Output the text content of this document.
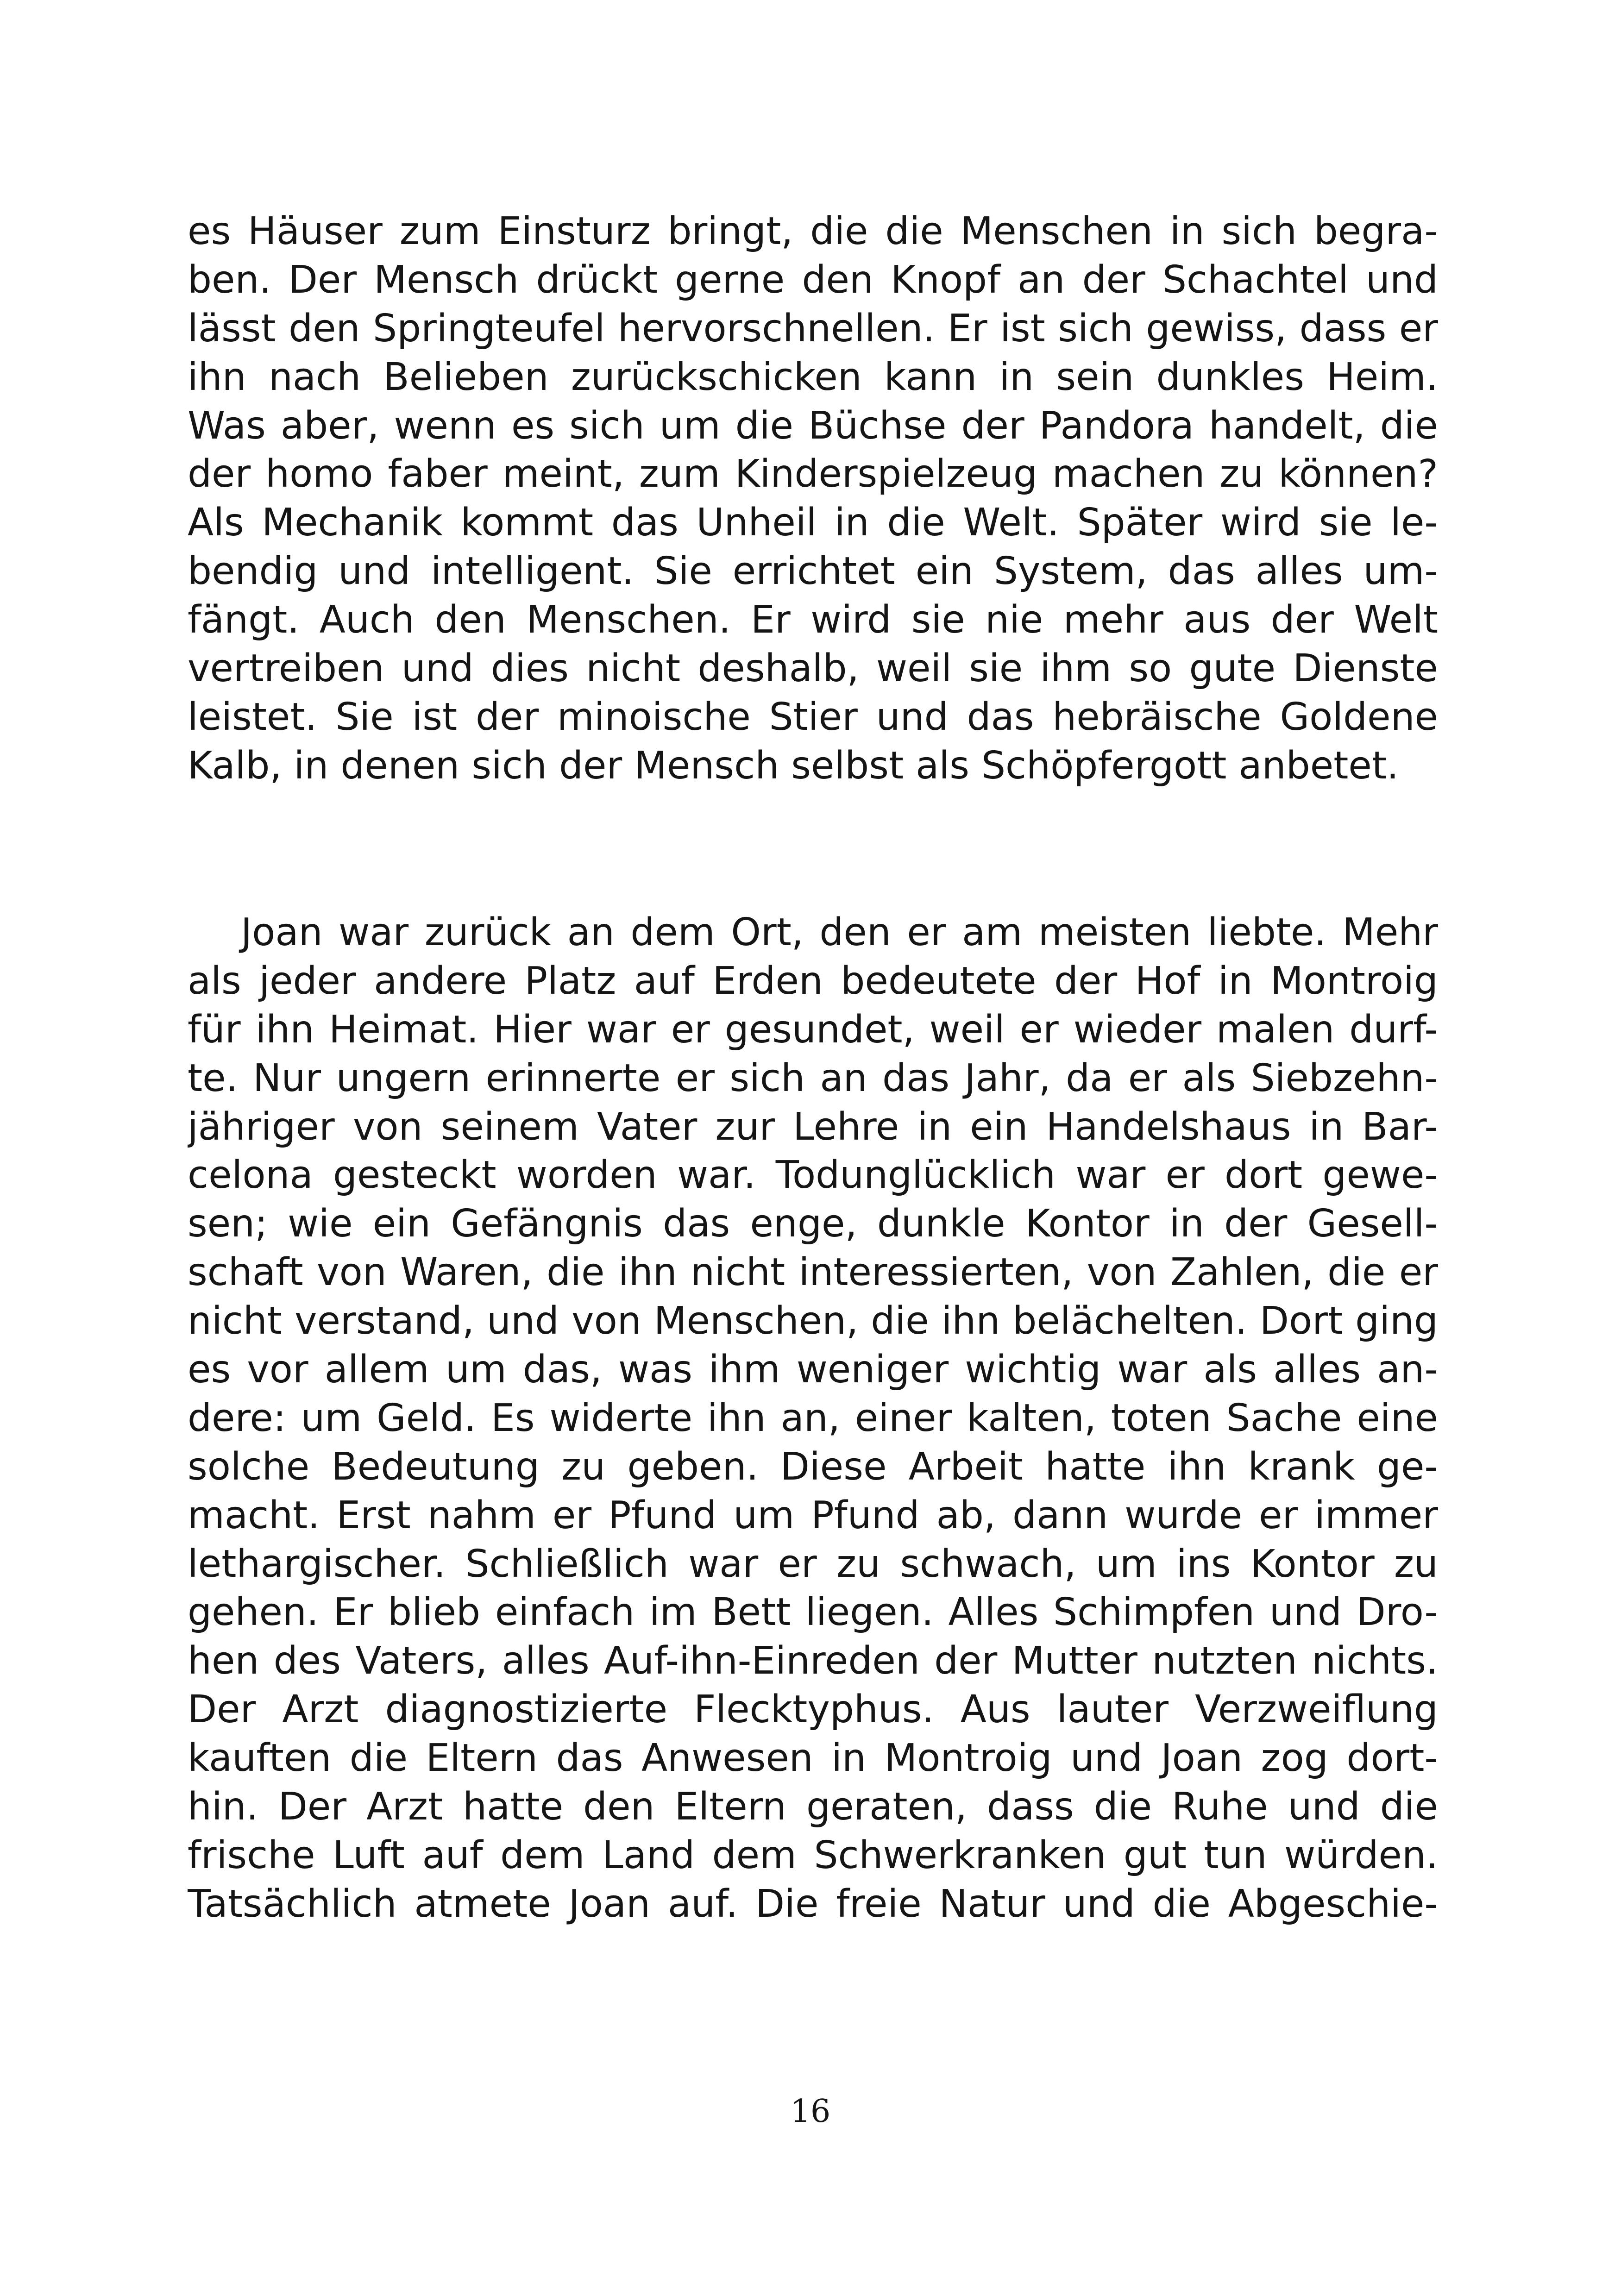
es Häuser zum Einsturz bringt, die die Menschen in sich begra-
ben. Der Mensch drückt gerne den Knopf an der Schachtel und
lässt den Springteufel hervorschnellen. Er ist sich gewiss, dass er
ihn nach Belieben zurückschicken kann in sein dunkles Heim.
Was aber, wenn es sich um die Büchse der Pandora handelt, die
der homo faber meint, zum Kinderspielzeug machen zu können?
Als Mechanik kommt das Unheil in die Welt. Später wird sie le-
bendig und intelligent. Sie errichtet ein System, das alles um-
fängt. Auch den Menschen. Er wird sie nie mehr aus der Welt
vertreiben und dies nicht deshalb, weil sie ihm so gute Dienste
leistet. Sie ist der minoische Stier und das hebräische Goldene
Kalb, in denen sich der Mensch selbst als Schöpfergott anbetet.
Joan war zurück an dem Ort, den er am meisten liebte. Mehr
als jeder andere Platz auf Erden bedeutete der Hof in Montroig
für ihn Heimat. Hier war er gesundet, weil er wieder malen durf-
te. Nur ungern erinnerte er sich an das Jahr, da er als Siebzehn-
jähriger von seinem Vater zur Lehre in ein Handelshaus in Bar-
celona gesteckt worden war. Todunglücklich war er dort gewe-
sen; wie ein Gefängnis das enge, dunkle Kontor in der Gesell-
schaft von Waren, die ihn nicht interessierten, von Zahlen, die er
nicht verstand, und von Menschen, die ihn belächelten. Dort ging
es vor allem um das, was ihm weniger wichtig war als alles an-
dere: um Geld. Es widerte ihn an, einer kalten, toten Sache eine
solche Bedeutung zu geben. Diese Arbeit hatte ihn krank ge-
macht. Erst nahm er Pfund um Pfund ab, dann wurde er immer
lethargischer. Schließlich war er zu schwach, um ins Kontor zu
gehen. Er blieb einfach im Bett liegen. Alles Schimpfen und Dro-
hen des Vaters, alles Auf-ihn-Einreden der Mutter nutzten nichts.
Der Arzt diagnostizierte Flecktyphus. Aus lauter Verzweiflung
kauften die Eltern das Anwesen in Montroig und Joan zog dort-
hin. Der Arzt hatte den Eltern geraten, dass die Ruhe und die
frische Luft auf dem Land dem Schwerkranken gut tun würden.
Tatsächlich atmete Joan auf. Die freie Natur und die Abgeschie-
16
